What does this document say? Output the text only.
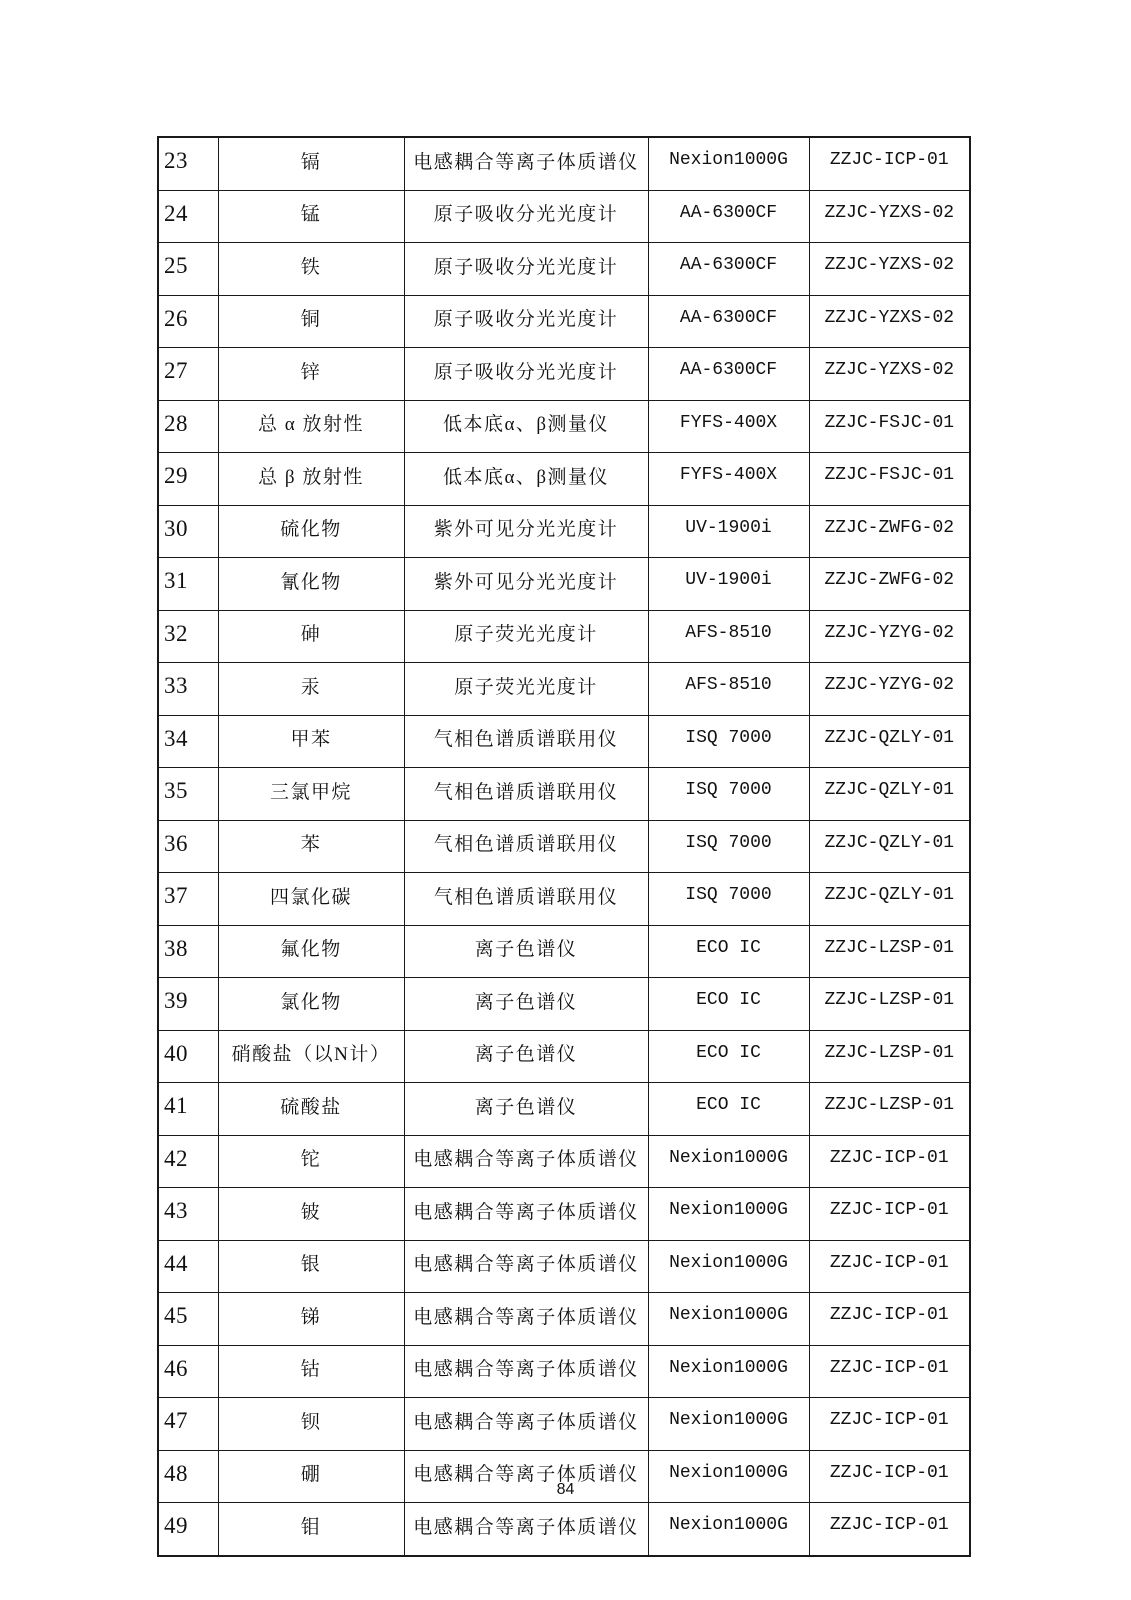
23	镉	电感耦合等离子体质谱仪	Nexion1000G	ZZJC-ICP-01
24	锰	原子吸收分光光度计	AA-6300CF	ZZJC-YZXS-02
25	铁	原子吸收分光光度计	AA-6300CF	ZZJC-YZXS-02
26	铜	原子吸收分光光度计	AA-6300CF	ZZJC-YZXS-02
27	锌	原子吸收分光光度计	AA-6300CF	ZZJC-YZXS-02
28	总 α 放射性	低本底α、β测量仪	FYFS-400X	ZZJC-FSJC-01
29	总 β 放射性	低本底α、β测量仪	FYFS-400X	ZZJC-FSJC-01
30	硫化物	紫外可见分光光度计	UV-1900i	ZZJC-ZWFG-02
31	氰化物	紫外可见分光光度计	UV-1900i	ZZJC-ZWFG-02
32	砷	原子荧光光度计	AFS-8510	ZZJC-YZYG-02
33	汞	原子荧光光度计	AFS-8510	ZZJC-YZYG-02
34	甲苯	气相色谱质谱联用仪	ISQ 7000	ZZJC-QZLY-01
35	三氯甲烷	气相色谱质谱联用仪	ISQ 7000	ZZJC-QZLY-01
36	苯	气相色谱质谱联用仪	ISQ 7000	ZZJC-QZLY-01
37	四氯化碳	气相色谱质谱联用仪	ISQ 7000	ZZJC-QZLY-01
38	氟化物	离子色谱仪	ECO IC	ZZJC-LZSP-01
39	氯化物	离子色谱仪	ECO IC	ZZJC-LZSP-01
40	硝酸盐（以N计）	离子色谱仪	ECO IC	ZZJC-LZSP-01
41	硫酸盐	离子色谱仪	ECO IC	ZZJC-LZSP-01
42	铊	电感耦合等离子体质谱仪	Nexion1000G	ZZJC-ICP-01
43	铍	电感耦合等离子体质谱仪	Nexion1000G	ZZJC-ICP-01
44	银	电感耦合等离子体质谱仪	Nexion1000G	ZZJC-ICP-01
45	锑	电感耦合等离子体质谱仪	Nexion1000G	ZZJC-ICP-01
46	钴	电感耦合等离子体质谱仪	Nexion1000G	ZZJC-ICP-01
47	钡	电感耦合等离子体质谱仪	Nexion1000G	ZZJC-ICP-01
48	硼	电感耦合等离子体质谱仪	Nexion1000G	ZZJC-ICP-01
49	钼	电感耦合等离子体质谱仪	Nexion1000G	ZZJC-ICP-01
84
